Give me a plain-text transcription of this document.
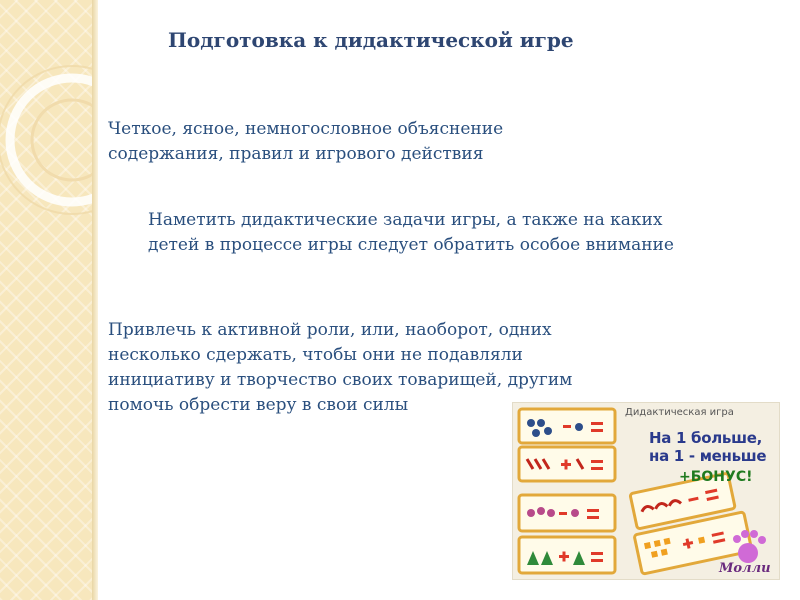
Подготовка к дидактической игре

Четкое, ясное, немногословное объяснение содержания, правил и игрового действия

Наметить дидактические задачи игры, а также на каких детей в процессе игры следует обратить особое внимание

Привлечь к активной роли, или, наоборот, одних несколько сдержать, чтобы они не подавляли инициативу и творчество своих товарищей, другим помочь обрести веру в свои силы	Дидактическая игра
На 1 больше,
на 1 - меньше
+БОНУС!
Молли
